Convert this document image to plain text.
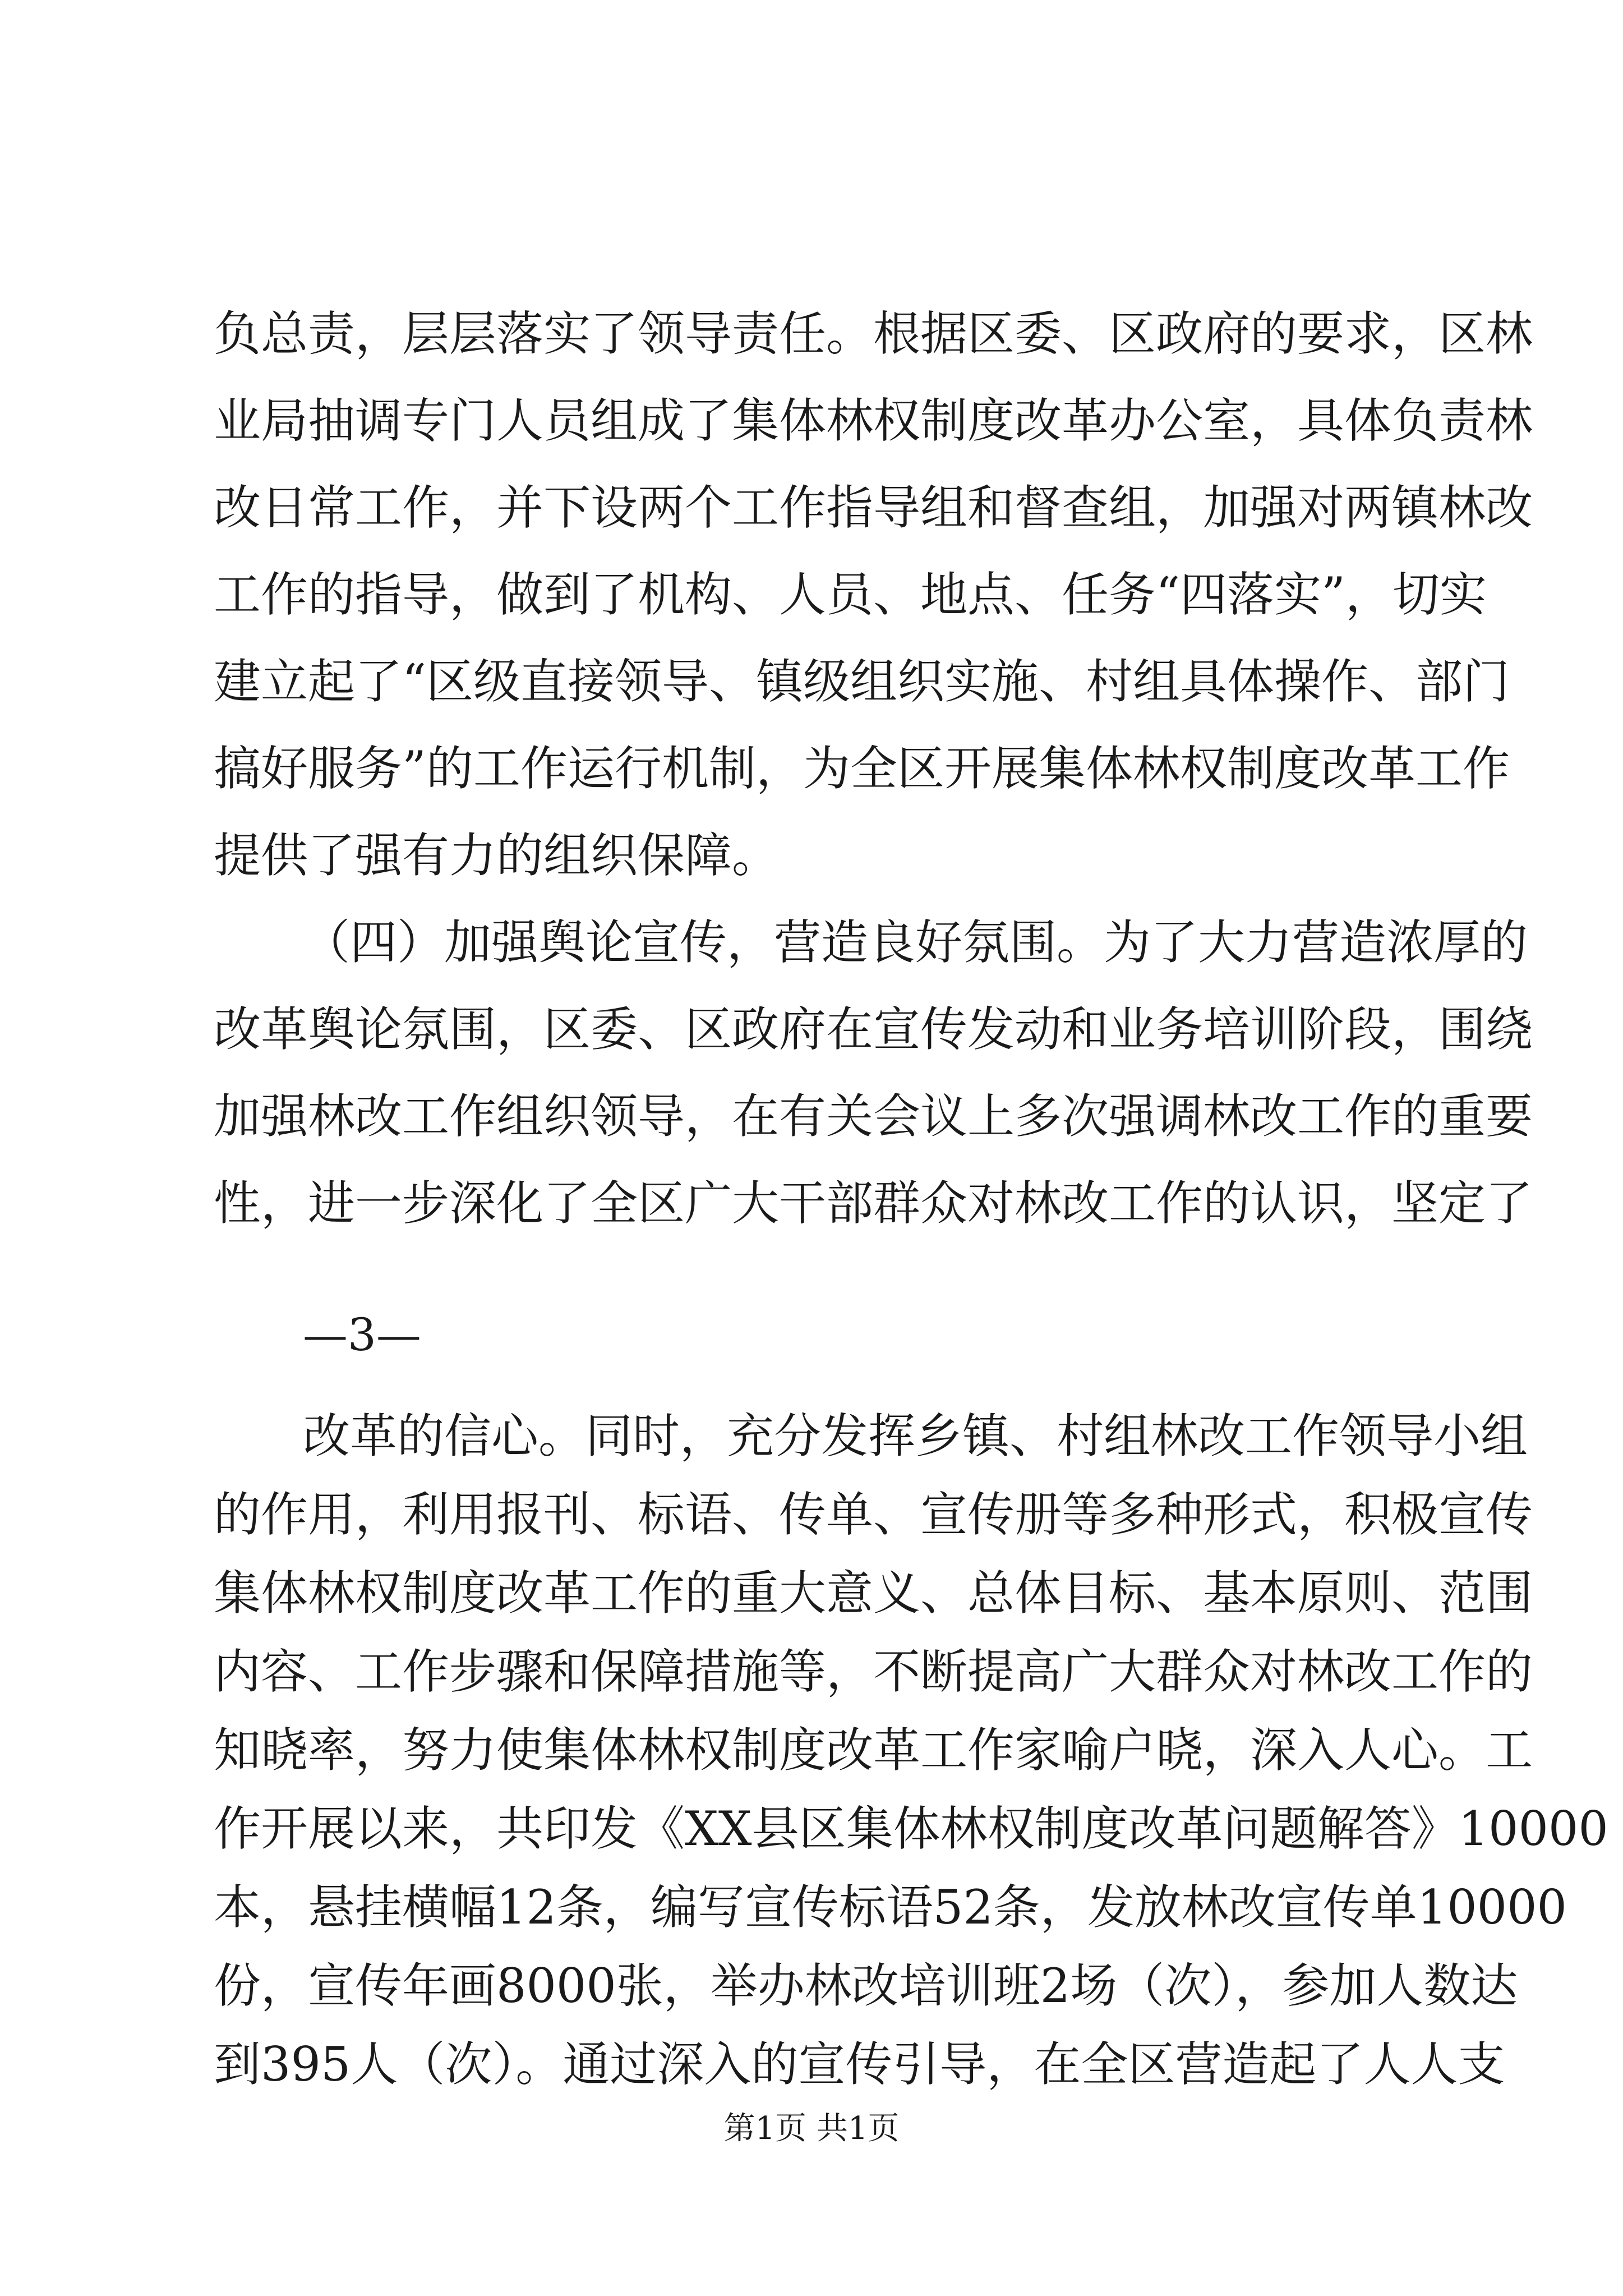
负总责，层层落实了领导责任。根据区委、区政府的要求，区林
业局抽调专门人员组成了集体林权制度改革办公室，具体负责林
改日常工作，并下设两个工作指导组和督查组，加强对两镇林改
工作的指导，做到了机构、人员、地点、任务“四落实”，切实
建立起了“区级直接领导、镇级组织实施、村组具体操作、部门
搞好服务”的工作运行机制，为全区开展集体林权制度改革工作
提供了强有力的组织保障。
（四）加强舆论宣传，营造良好氛围。为了大力营造浓厚的
改革舆论氛围，区委、区政府在宣传发动和业务培训阶段，围绕
加强林改工作组织领导，在有关会议上多次强调林改工作的重要
性，进一步深化了全区广大干部群众对林改工作的认识，坚定了
—3—
第1页 共1页
改革的信心。同时，充分发挥乡镇、村组林改工作领导小组
的作用，利用报刊、标语、传单、宣传册等多种形式，积极宣传
集体林权制度改革工作的重大意义、总体目标、基本原则、范围
内容、工作步骤和保障措施等，不断提高广大群众对林改工作的
知晓率，努力使集体林权制度改革工作家喻户晓，深入人心。工
作开展以来，共印发《XX县区集体林权制度改革问题解答》10000
本，悬挂横幅12条，编写宣传标语52条，发放林改宣传单10000
份，宣传年画8000张，举办林改培训班2场（次），参加人数达
到395人（次）。通过深入的宣传引导，在全区营造起了人人支
